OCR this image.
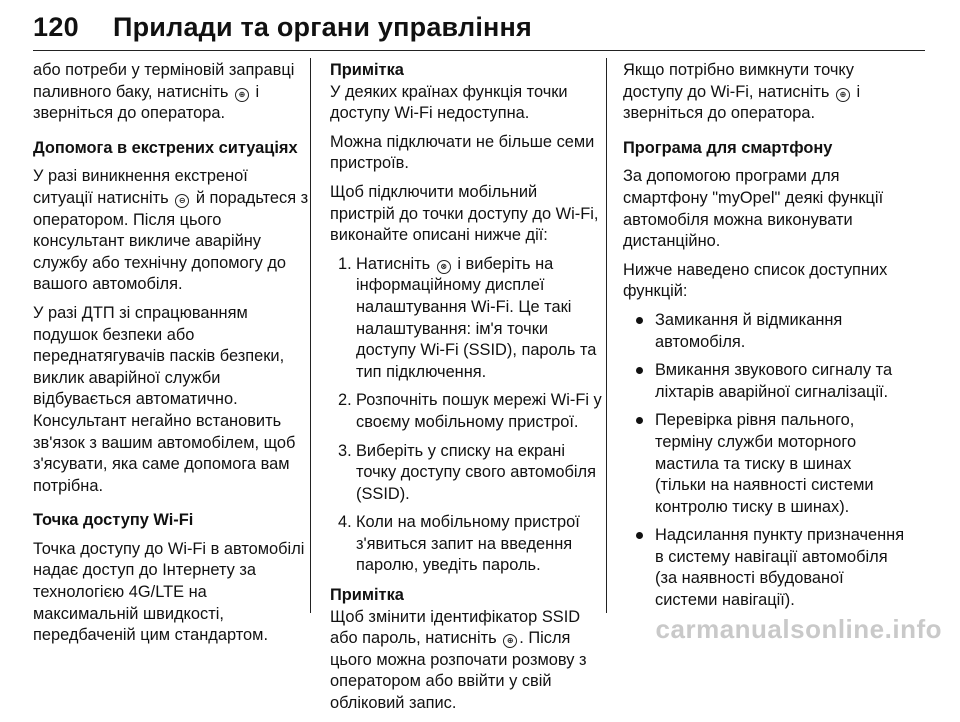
120 Прилади та органи управління

або потреби у терміновій заправці паливного баку, натисніть ⊕ і зверніться до оператора.

Допомога в екстрених ситуаціях

У разі виникнення екстреної ситуації натисніть ⊖ й порадьтеся з оператором. Після цього консультант викличе аварійну службу або технічну допомогу до вашого автомобіля.

У разі ДТП зі спрацюванням подушок безпеки або переднатягувачів пасків безпеки, виклик аварійної служби відбувається автоматично. Консультант негайно встановить зв'язок з вашим автомобілем, щоб з'ясувати, яка саме допомога вам потрібна.

Точка доступу Wi-Fi

Точка доступу до Wi-Fi в автомобілі надає доступ до Інтернету за технологією 4G/LTE на максимальній швидкості, передбаченій цим стандартом.

Примітка

У деяких країнах функція точки доступу Wi-Fi недоступна.

Можна підключати не більше семи пристроїв.

Щоб підключити мобільний пристрій до точки доступу до Wi-Fi, виконайте описані нижче дії:

1. Натисніть ⊗ і виберіть на інформаційному дисплеї налаштування Wi-Fi. Це такі налаштування: ім'я точки доступу Wi-Fi (SSID), пароль та тип підключення.
2. Розпочніть пошук мережі Wi-Fi у своєму мобільному пристрої.
3. Виберіть у списку на екрані точку доступу свого автомобіля (SSID).
4. Коли на мобільному пристрої з'явиться запит на введення паролю, уведіть пароль.

Примітка

Щоб змінити ідентифікатор SSID або пароль, натисніть ⊕ . Після цього можна розпочати розмову з оператором або ввійти у свій обліковий запис.

Якщо потрібно вимкнути точку доступу до Wi-Fi, натисніть ⊕ і зверніться до оператора.

Програма для смартфону

За допомогою програми для смартфону "myOpel" деякі функції автомобіля можна виконувати дистанційно.

Нижче наведено список доступних функцій:

Замикання й відмикання автомобіля.
Вмикання звукового сигналу та ліхтарів аварійної сигналізації.
Перевірка рівня пального, терміну служби моторного мастила та тиску в шинах (тільки на наявності системи контролю тиску в шинах).
Надсилання пункту призначення в систему навігації автомобіля (за наявності вбудованої системи навігації).
carmanualsonline.info
